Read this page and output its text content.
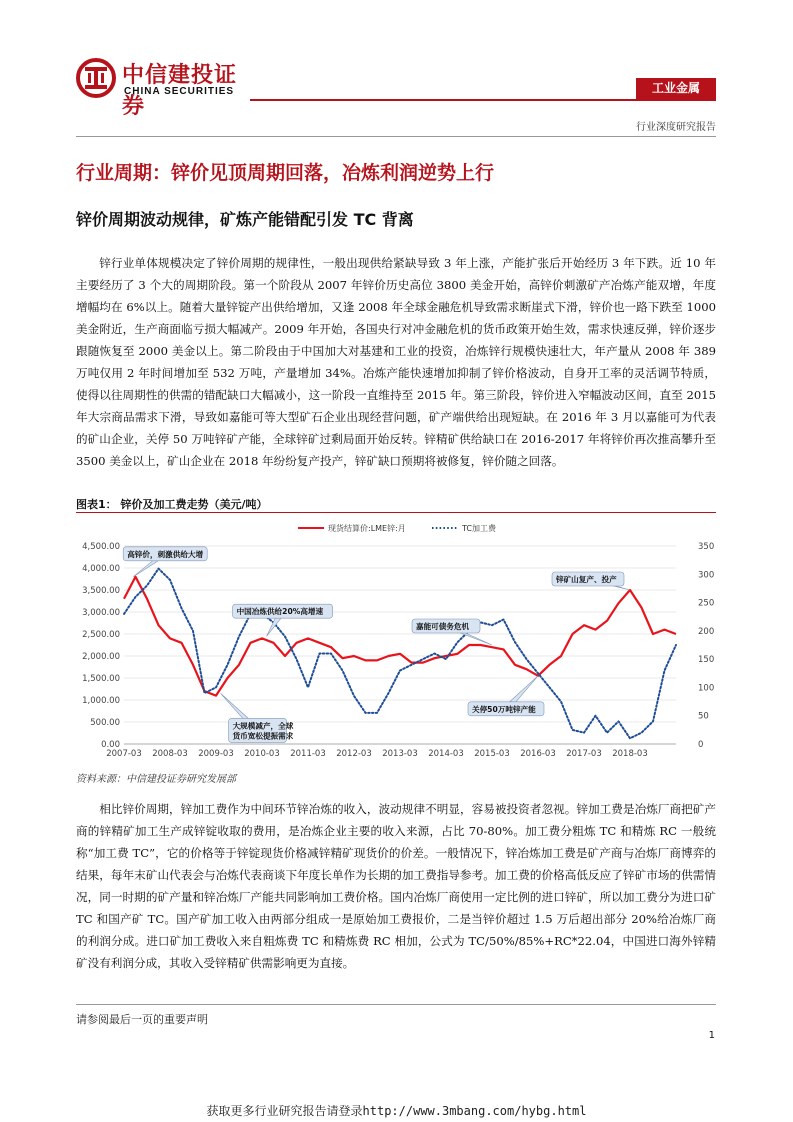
中信建投证券
CHINA SECURITIES	工业金属
行业深度研究报告
行业周期：锌价见顶周期回落，冶炼利润逆势上行
锌价周期波动规律，矿炼产能错配引发 TC 背离
锌行业单体规模决定了锌价周期的规律性，一般出现供给紧缺导致 3 年上涨，产能扩张后开始经历 3 年下跌。近 10 年主要经历了 3 个大的周期阶段。第一个阶段从 2007 年锌价历史高位 3800 美金开始，高锌价刺激矿产冶炼产能双增，年度增幅均在 6%以上。随着大量锌锭产出供给增加，又逢 2008 年全球金融危机导致需求断崖式下滑，锌价也一路下跌至 1000 美金附近，生产商面临亏损大幅减产。2009 年开始，各国央行对冲金融危机的货币政策开始生效，需求快速反弹，锌价逐步跟随恢复至 2000 美金以上。第二阶段由于中国加大对基建和工业的投资，冶炼锌行规模快速壮大，年产量从 2008 年 389 万吨仅用 2 年时间增加至 532 万吨，产量增加 34%。冶炼产能快速增加抑制了锌价格波动，自身开工率的灵活调节特质，使得以往周期性的供需的错配缺口大幅减小，这一阶段一直维持至 2015 年。第三阶段，锌价进入窄幅波动区间，直至 2015 年大宗商品需求下滑，导致如嘉能可等大型矿石企业出现经营问题，矿产端供给出现短缺。在 2016 年 3 月以嘉能可为代表的矿山企业，关停 50 万吨锌矿产能，全球锌矿过剩局面开始反转。锌精矿供给缺口在 2016-2017 年将锌价再次推高攀升至 3500 美金以上，矿山企业在 2018 年纷纷复产投产，锌矿缺口预期将被修复，锌价随之回落。
图表1： 锌价及加工费走势（美元/吨）
0.00
500.00
1,000.00
1,500.00
2,000.00
2,500.00
3,000.00
3,500.00
4,000.00
4,500.00
0
50
100
150
200
250
300
350
2007-03 2008-03 2009-03 2010-03 2011-03 2012-03 2013-03 2014-03 2015-03 2016-03 2017-03 2018-03
现货结算价:LME锌:月	TC加工费
高锌价，刺激供给大增
大规模减产，全球货币宽松提振需求
中国冶炼供给20%高增速
嘉能可债务危机
关停50万吨锌产能
锌矿山复产、投产
资料来源：中信建投证券研究发展部
相比锌价周期，锌加工费作为中间环节锌冶炼的收入，波动规律不明显，容易被投资者忽视。锌加工费是冶炼厂商把矿产商的锌精矿加工生产成锌锭收取的费用，是冶炼企业主要的收入来源，占比 70-80%。加工费分粗炼 TC 和精炼 RC 一般统称“加工费 TC”，它的价格等于锌锭现货价格减锌精矿现货价的价差。一般情况下，锌冶炼加工费是矿产商与冶炼厂商博弈的结果，每年末矿山代表会与冶炼代表商谈下年度长单作为长期的加工费指导参考。加工费的价格高低反应了锌矿市场的供需情况，同一时期的矿产量和锌冶炼厂产能共同影响加工费价格。国内冶炼厂商使用一定比例的进口锌矿，所以加工费分为进口矿 TC 和国产矿 TC。国产矿加工收入由两部分组成一是原始加工费报价，二是当锌价超过 1.5 万后超出部分 20%给冶炼厂商的利润分成。进口矿加工费收入来自粗炼费 TC 和精炼费 RC 相加，公式为 TC/50%/85%+RC*22.04，中国进口海外锌精矿没有利润分成，其收入受锌精矿供需影响更为直接。
请参阅最后一页的重要声明
1
获取更多行业研究报告请登录http://www.3mbang.com/hybg.html
